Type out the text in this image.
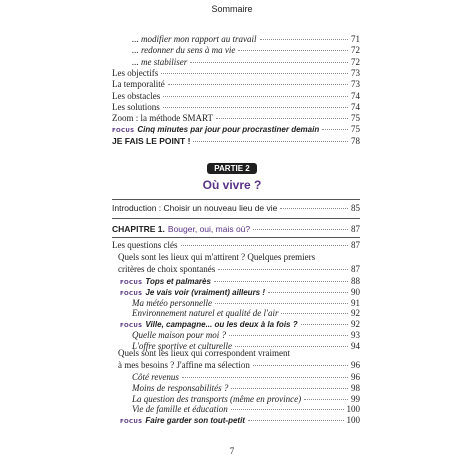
Sommaire
... modifier mon rapport au travail	71
... redonner du sens à ma vie	72
... me stabiliser	72
Les objectifs	73
La temporalité	73
Les obstacles	74
Les solutions	74
Zoom : la méthode SMART	75
FOCUS Cinq minutes par jour pour procrastiner demain	75
JE FAIS LE POINT !	78
PARTIE 2
Où vivre ?
Introduction : Choisir un nouveau lieu de vie	85
CHAPITRE 1. Bouger, oui, mais où?	87
Les questions clés	87
Quels sont les lieux qui m'attirent ? Quelques premiers
critères de choix spontanés	87
FOCUS Tops et palmarès	88
FOCUS Je vais voir (vraiment) ailleurs !	90
Ma météo personnelle	91
Environnement naturel et qualité de l'air	92
FOCUS Ville, campagne... ou les deux à la fois ?	92
Quelle maison pour moi ?	93
L'offre sportive et culturelle	94
Quels sont les lieux qui correspondent vraiment
à mes besoins ? J'affine ma sélection	96
Côté revenus	96
Moins de responsabilités ?	98
La question des transports (même en province)	99
Vie de famille et éducation	100
FOCUS Faire garder son tout-petit	100
7
